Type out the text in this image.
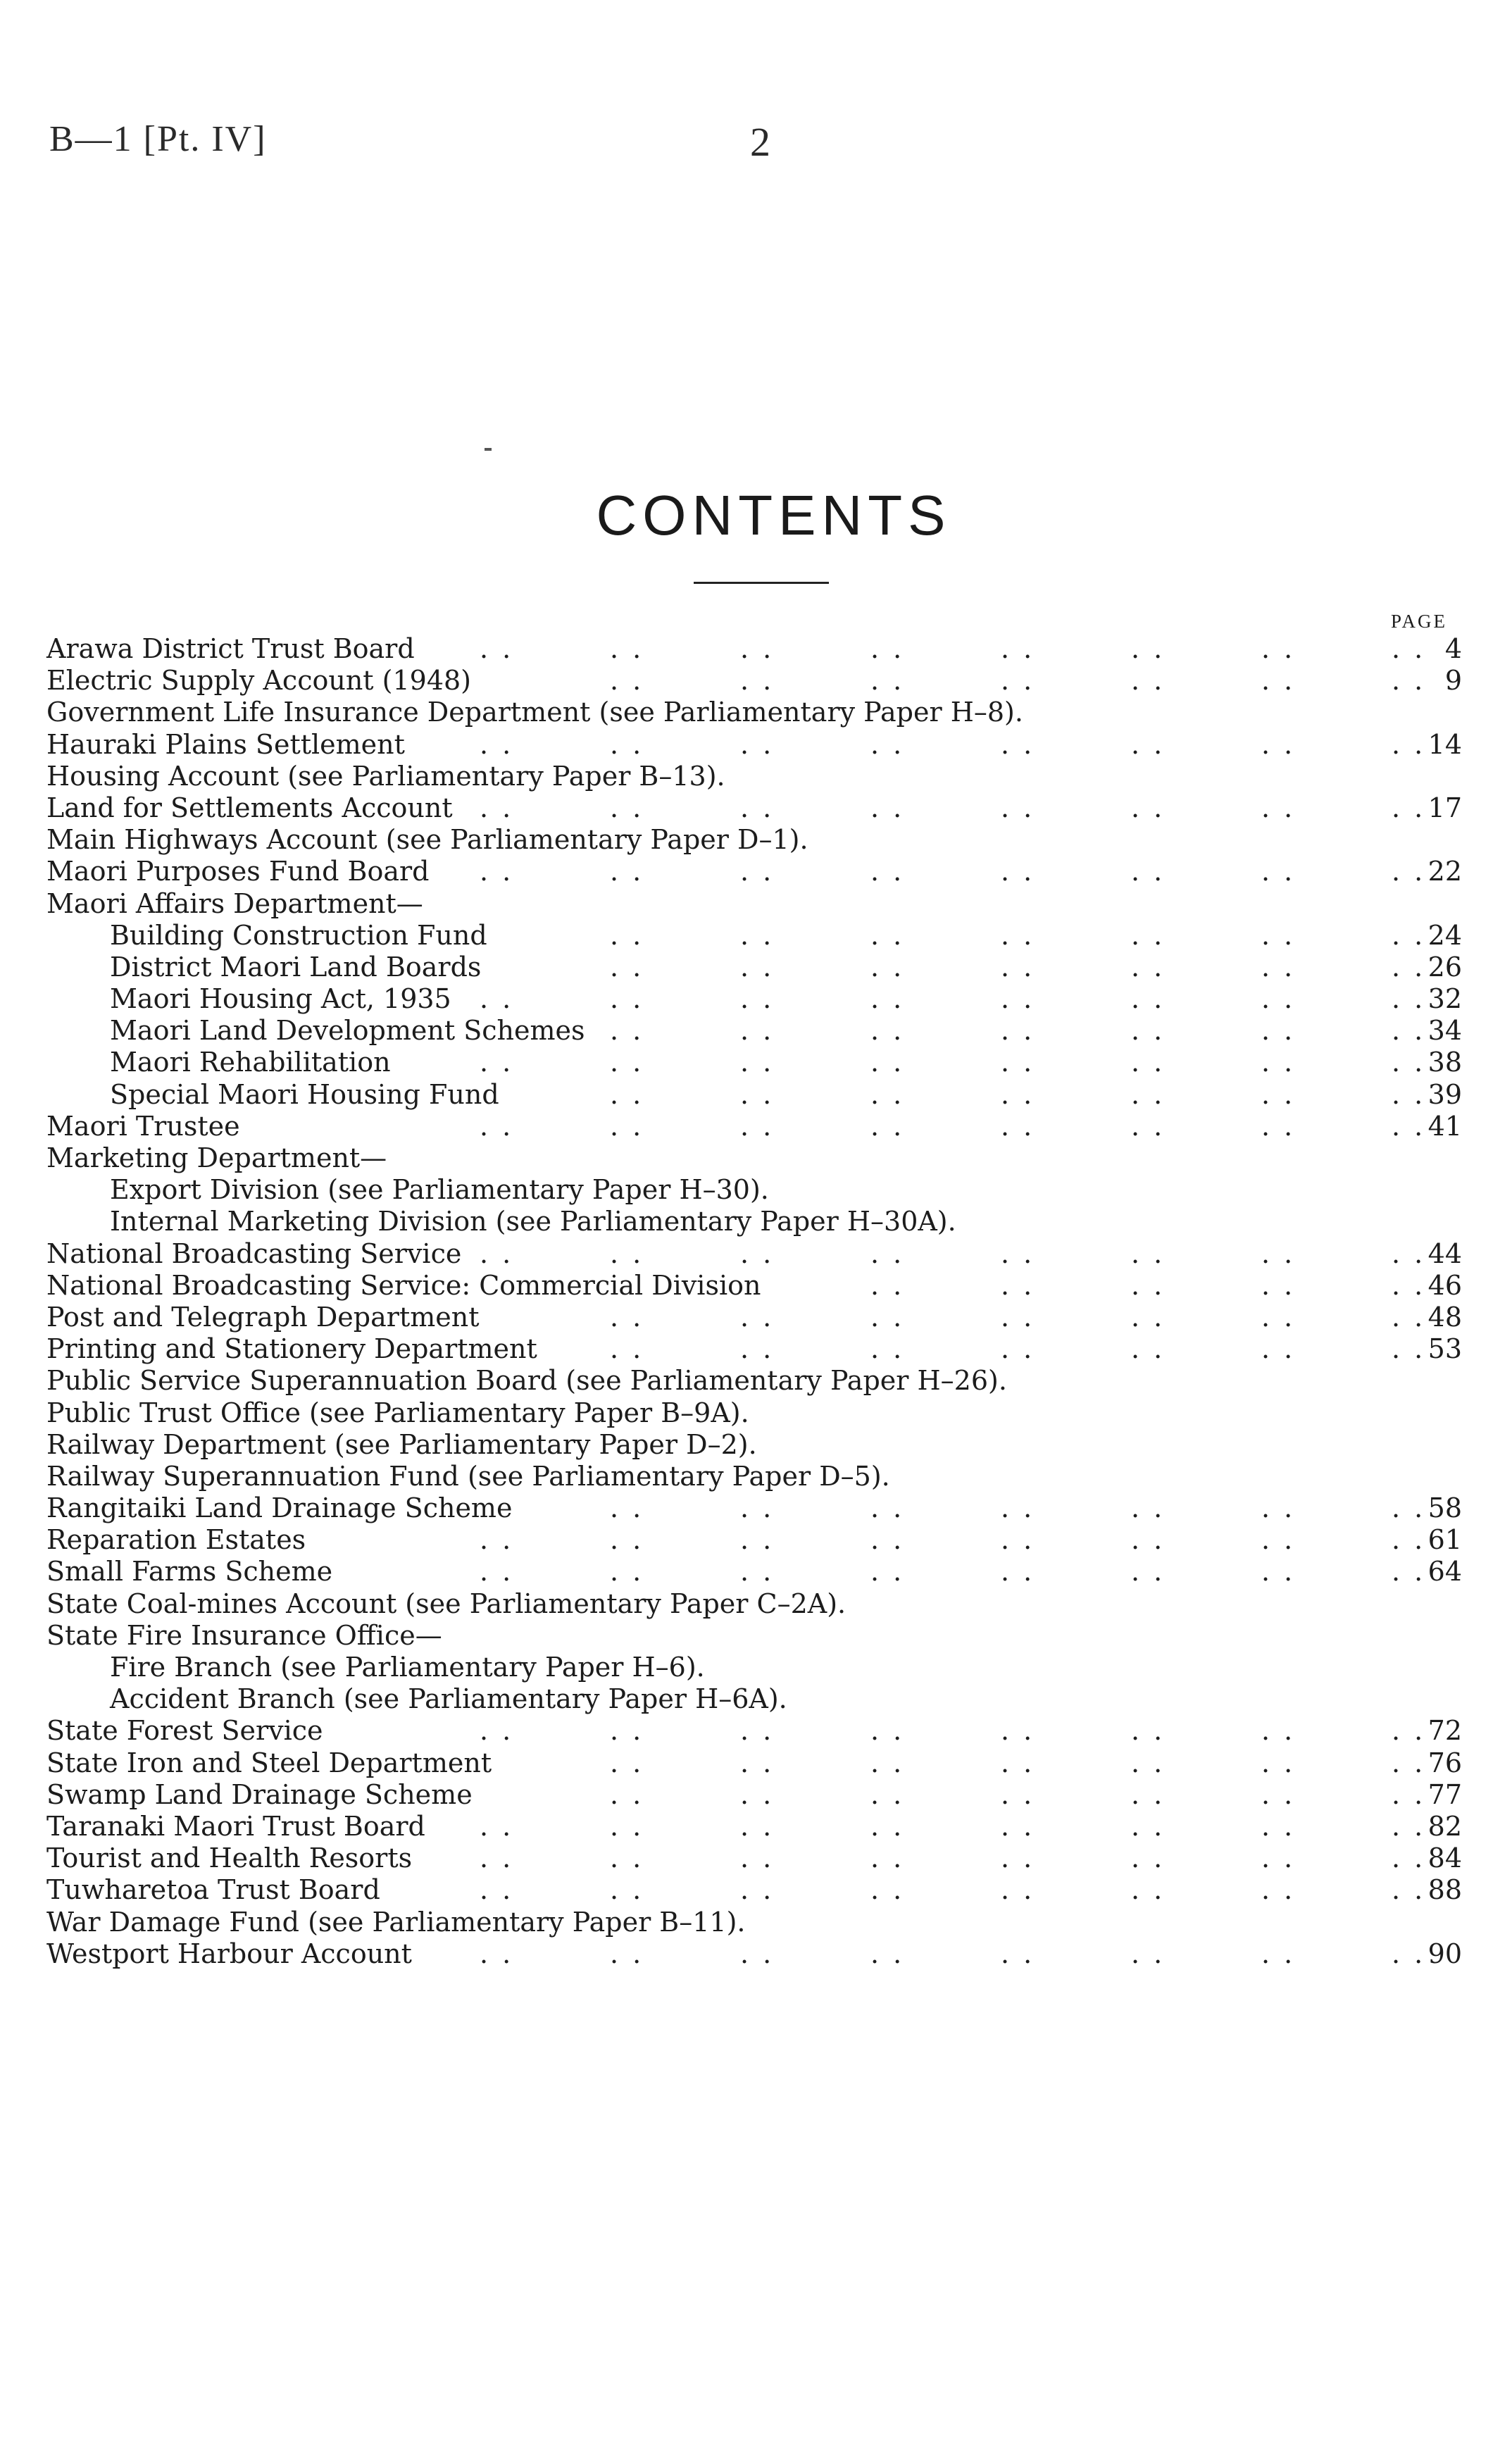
B—1 [Pt. IV]	2
CONTENTS
PAGE
Arawa District Trust Board . .	. .	. .	. .	. .	. .	. .	. . 4
Electric Supply Account (1948)	. .	. .	. .	. .	. .	. .	. . 9
Government Life Insurance Department (see Parliamentary Paper H–8).
Hauraki Plains Settlement	. .	. .	. .	. .	. .	. .	. .	. . 14
Housing Account (see Parliamentary Paper B–13).
Land for Settlements Account . .	. .	. .	. .	. .	. .	. .	. . 17
Main Highways Account (see Parliamentary Paper D–1).
Maori Purposes Fund Board . .	. .	. .	. .	. .	. .	. .	. . 22
Maori Affairs Department—
Building Construction Fund	. .	. .	. .	. .	. .	. .	. . 24
District Maori Land Boards	. .	. .	. .	. .	. .	. .	. . 26
Maori Housing Act, 1935 . .	. .	. .	. .	. .	. .	. .	. . 32
Maori Land Development Schemes . .	. .	. .	. .	. .	. .	. . 34
Maori Rehabilitation	. .	. .	. .	. .	. .	. .	. .	. . 38
Special Maori Housing Fund	. .	. .	. .	. .	. .	. .	. . 39
Maori Trustee	. .	. .	. .	. .	. .	. .	. .	. . 41
Marketing Department—
Export Division (see Parliamentary Paper H–30).
Internal Marketing Division (see Parliamentary Paper H–30A).
National Broadcasting Service . .	. .	. .	. .	. .	. .	. .	. . 44
National Broadcasting Service: Commercial Division	. .	. .	. .	. .	. . 46
Post and Telegraph Department	. .	. .	. .	. .	. .	. .	. . 48
Printing and Stationery Department	. .	. .	. .	. .	. .	. .	. . 53
Public Service Superannuation Board (see Parliamentary Paper H–26).
Public Trust Office (see Parliamentary Paper B–9A).
Railway Department (see Parliamentary Paper D–2).
Railway Superannuation Fund (see Parliamentary Paper D–5).
Rangitaiki Land Drainage Scheme	. .	. .	. .	. .	. .	. .	. . 58
Reparation Estates	. .	. .	. .	. .	. .	. .	. .	. . 61
Small Farms Scheme	. .	. .	. .	. .	. .	. .	. .	. . 64
State Coal-mines Account (see Parliamentary Paper C–2A).
State Fire Insurance Office—
Fire Branch (see Parliamentary Paper H–6).
Accident Branch (see Parliamentary Paper H–6A).
State Forest Service	. .	. .	. .	. .	. .	. .	. .	. . 72
State Iron and Steel Department	. .	. .	. .	. .	. .	. .	. . 76
Swamp Land Drainage Scheme	. .	. .	. .	. .	. .	. .	. . 77
Taranaki Maori Trust Board . .	. .	. .	. .	. .	. .	. .	. . 82
Tourist and Health Resorts	. .	. .	. .	. .	. .	. .	. .	. . 84
Tuwharetoa Trust Board	. .	. .	. .	. .	. .	. .	. .	. . 88
War Damage Fund (see Parliamentary Paper B–11).
Westport Harbour Account	. .	. .	. .	. .	. .	. .	. .	. . 90
